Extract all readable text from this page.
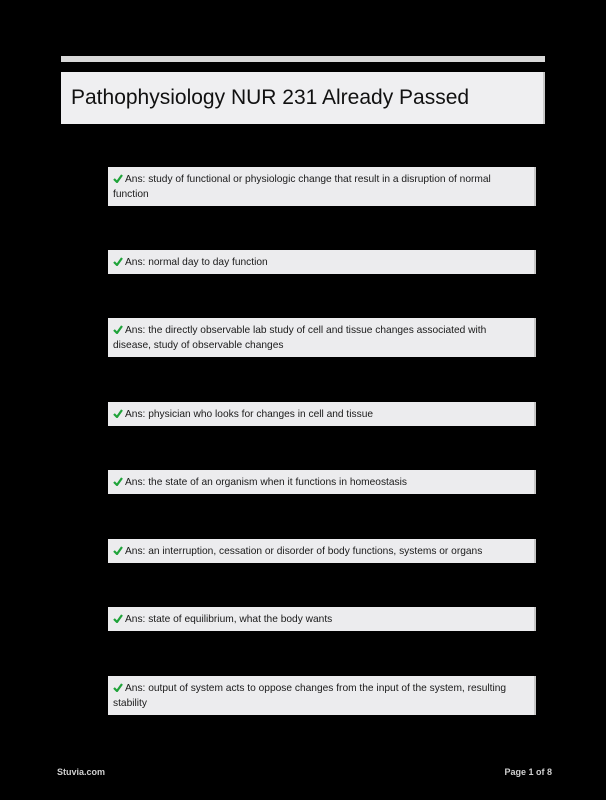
Pathophysiology NUR 231 Already Passed
Ans: study of functional or physiologic change that result in a disruption of normal function
Ans: normal day to day function
Ans: the directly observable lab study of cell and tissue changes associated with disease, study of observable changes
Ans: physician who looks for changes in cell and tissue
Ans: the state of an organism when it functions in homeostasis
Ans: an interruption, cessation or disorder of body functions, systems or organs
Ans: state of equilibrium, what the body wants
Ans: output of system acts to oppose changes from the input of the system, resulting stability
Stuvia.com	Page 1 of 8
